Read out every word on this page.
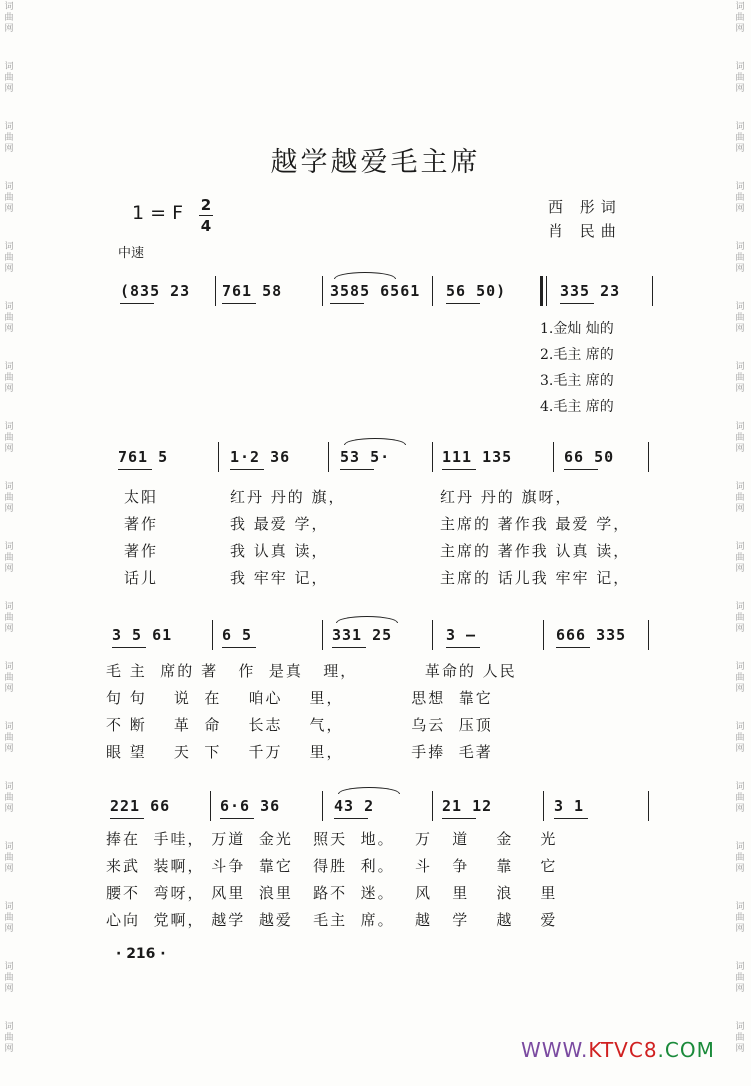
词
曲
网
词
曲
网
词
曲
网
词
曲
网
词
曲
网
词
曲
网
词
曲
网
词
曲
网
词
曲
网
词
曲
网
词
曲
网
词
曲
网
词
曲
网
词
曲
网
词
曲
网
词
曲
网
词
曲
网
词
曲
网
词
曲
网
词
曲
网
词
曲
网
词
曲
网
词
曲
网
词
曲
网
词
曲
网
词
曲
网
词
曲
网
词
曲
网
词
曲
网
词
曲
网
词
曲
网
词
曲
网
词
曲
网
词
曲
网
词
曲
网
词
曲
网
越学越爱毛主席
西 彤词
肖 民曲
1 = F 2
4
中速
(835 23 761 58	3585 6561 56 50)	335 23
1.金灿 灿的
2.毛主 席的
3.毛主 席的
4.毛主 席的
761 5	1·2 36	53 5·	111 135	66 50
太阳	红丹 丹的 旗，	红丹 丹的 旗呀，
著作	我 最爱 学，	主席的 著作我 最爱 学，
著作	我 认真 读，	主席的 著作我 认真 读，
话儿	我 牢牢 记，	主席的 话儿我 牢牢 记，
3 5 61	6 5	331 25	3 —	666 335
毛 主  席的 著   作  是真   理，          革命的 人民
句 句    说  在    咱心    里，          思想  靠它
不 断    革  命    长志    气，          乌云  压顶
眼 望    天  下    千万    里，          手捧  毛著
221 66	6·6 36	43 2	21 12	3 1
捧在  手哇， 万道  金光   照天  地。   万   道    金    光
来武  装啊， 斗争  靠它   得胜  利。   斗   争    靠    它
腰不  弯呀， 风里  浪里   路不  迷。   风   里    浪    里
心向  党啊， 越学  越爱   毛主  席。   越   学    越    爱
· 216 ·
WWW.KTVC8.COM
